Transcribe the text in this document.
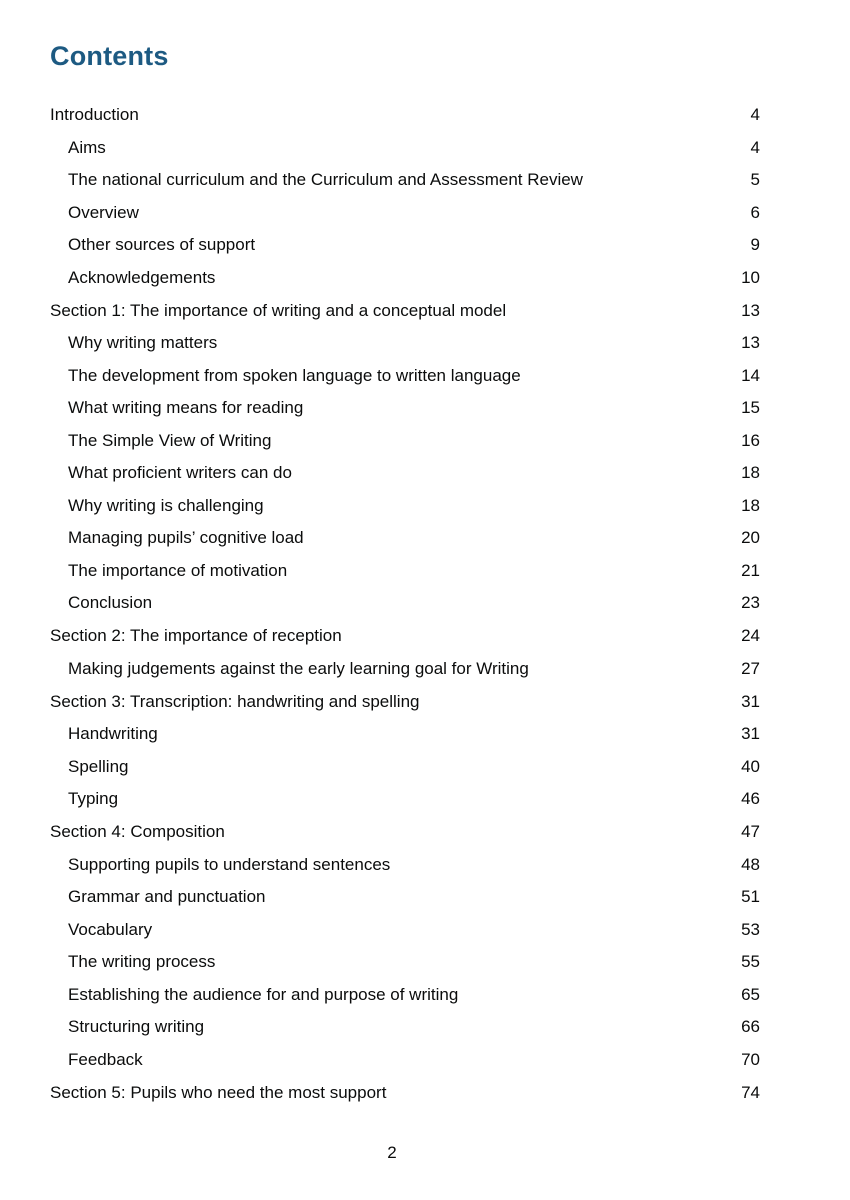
Contents
Introduction	4
Aims	4
The national curriculum and the Curriculum and Assessment Review	5
Overview	6
Other sources of support	9
Acknowledgements	10
Section 1: The importance of writing and a conceptual model	13
Why writing matters	13
The development from spoken language to written language	14
What writing means for reading	15
The Simple View of Writing	16
What proficient writers can do	18
Why writing is challenging	18
Managing pupils’ cognitive load	20
The importance of motivation	21
Conclusion	23
Section 2: The importance of reception	24
Making judgements against the early learning goal for Writing	27
Section 3: Transcription: handwriting and spelling	31
Handwriting	31
Spelling	40
Typing	46
Section 4: Composition	47
Supporting pupils to understand sentences	48
Grammar and punctuation	51
Vocabulary	53
The writing process	55
Establishing the audience for and purpose of writing	65
Structuring writing	66
Feedback	70
Section 5: Pupils who need the most support	74
2
